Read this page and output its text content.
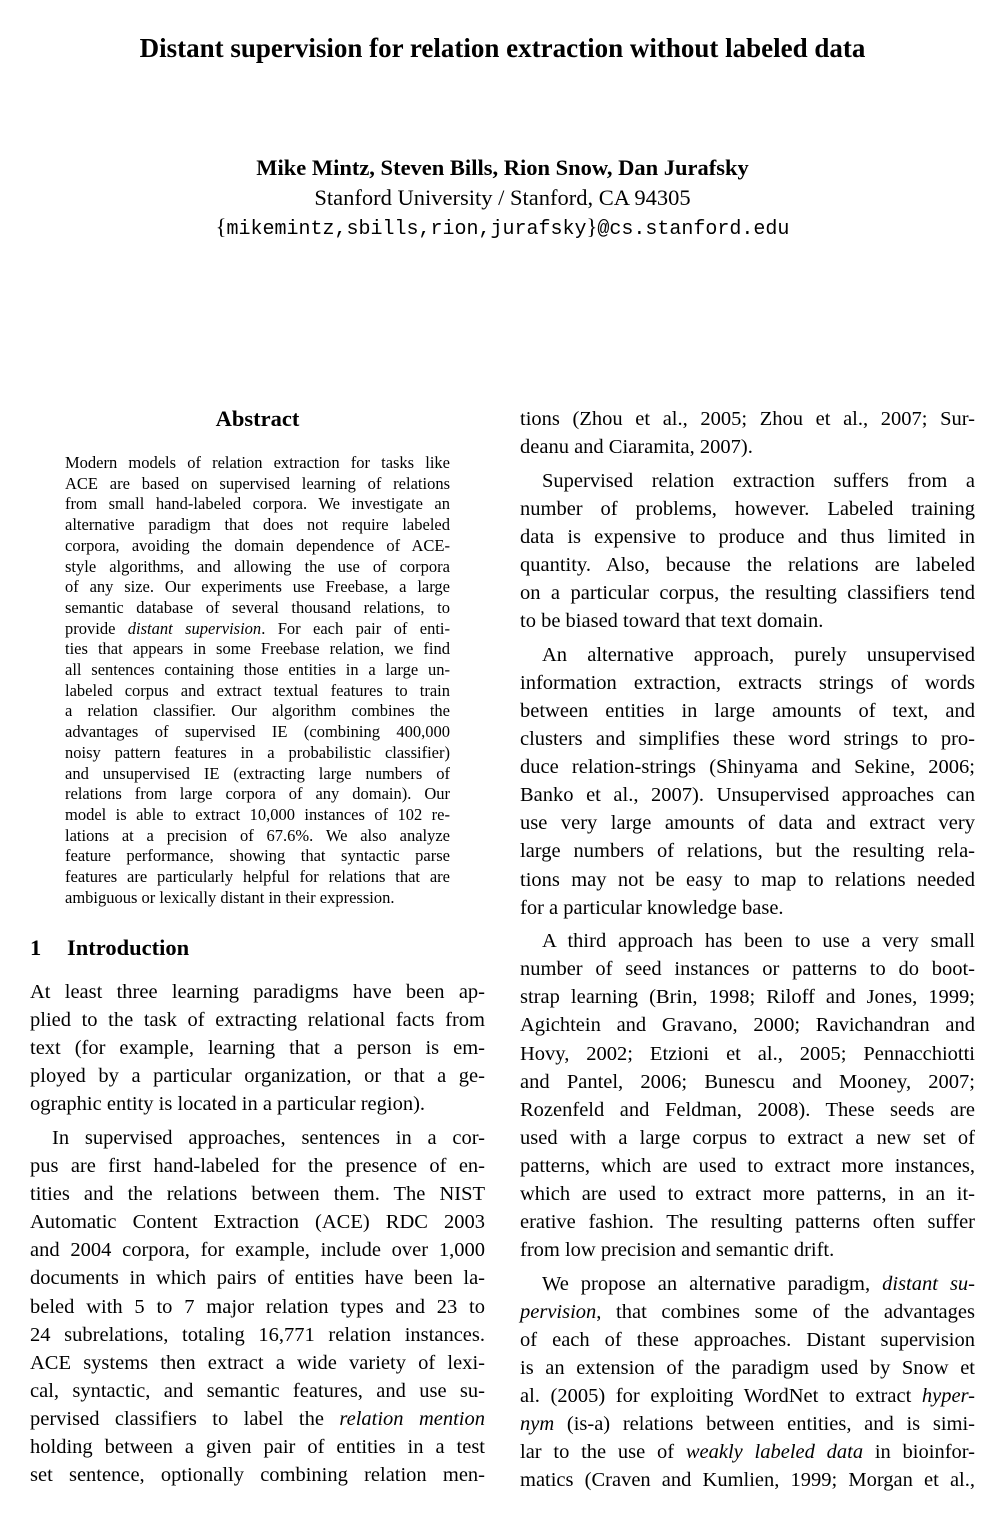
Distant supervision for relation extraction without labeled data
Mike Mintz, Steven Bills, Rion Snow, Dan Jurafsky
Stanford University / Stanford, CA 94305
{mikemintz,sbills,rion,jurafsky}@cs.stanford.edu
Abstract
Modern models of relation extraction for tasks like
ACE are based on supervised learning of relations
from small hand-labeled corpora. We investigate an
alternative paradigm that does not require labeled
corpora, avoiding the domain dependence of ACE-
style algorithms, and allowing the use of corpora
of any size. Our experiments use Freebase, a large
semantic database of several thousand relations, to
provide distant supervision. For each pair of enti-
ties that appears in some Freebase relation, we find
all sentences containing those entities in a large un-
labeled corpus and extract textual features to train
a relation classifier. Our algorithm combines the
advantages of supervised IE (combining 400,000
noisy pattern features in a probabilistic classifier)
and unsupervised IE (extracting large numbers of
relations from large corpora of any domain). Our
model is able to extract 10,000 instances of 102 re-
lations at a precision of 67.6%. We also analyze
feature performance, showing that syntactic parse
features are particularly helpful for relations that are
ambiguous or lexically distant in their expression.
1 Introduction
At least three learning paradigms have been ap-
plied to the task of extracting relational facts from
text (for example, learning that a person is em-
ployed by a particular organization, or that a ge-
ographic entity is located in a particular region).
In supervised approaches, sentences in a cor-
pus are first hand-labeled for the presence of en-
tities and the relations between them. The NIST
Automatic Content Extraction (ACE) RDC 2003
and 2004 corpora, for example, include over 1,000
documents in which pairs of entities have been la-
beled with 5 to 7 major relation types and 23 to
24 subrelations, totaling 16,771 relation instances.
ACE systems then extract a wide variety of lexi-
cal, syntactic, and semantic features, and use su-
pervised classifiers to label the relation mention
holding between a given pair of entities in a test
set sentence, optionally combining relation men-
tions (Zhou et al., 2005; Zhou et al., 2007; Sur-
deanu and Ciaramita, 2007).
Supervised relation extraction suffers from a
number of problems, however. Labeled training
data is expensive to produce and thus limited in
quantity. Also, because the relations are labeled
on a particular corpus, the resulting classifiers tend
to be biased toward that text domain.
An alternative approach, purely unsupervised
information extraction, extracts strings of words
between entities in large amounts of text, and
clusters and simplifies these word strings to pro-
duce relation-strings (Shinyama and Sekine, 2006;
Banko et al., 2007). Unsupervised approaches can
use very large amounts of data and extract very
large numbers of relations, but the resulting rela-
tions may not be easy to map to relations needed
for a particular knowledge base.
A third approach has been to use a very small
number of seed instances or patterns to do boot-
strap learning (Brin, 1998; Riloff and Jones, 1999;
Agichtein and Gravano, 2000; Ravichandran and
Hovy, 2002; Etzioni et al., 2005; Pennacchiotti
and Pantel, 2006; Bunescu and Mooney, 2007;
Rozenfeld and Feldman, 2008). These seeds are
used with a large corpus to extract a new set of
patterns, which are used to extract more instances,
which are used to extract more patterns, in an it-
erative fashion. The resulting patterns often suffer
from low precision and semantic drift.
We propose an alternative paradigm, distant su-
pervision, that combines some of the advantages
of each of these approaches. Distant supervision
is an extension of the paradigm used by Snow et
al. (2005) for exploiting WordNet to extract hyper-
nym (is-a) relations between entities, and is simi-
lar to the use of weakly labeled data in bioinfor-
matics (Craven and Kumlien, 1999; Morgan et al.,
